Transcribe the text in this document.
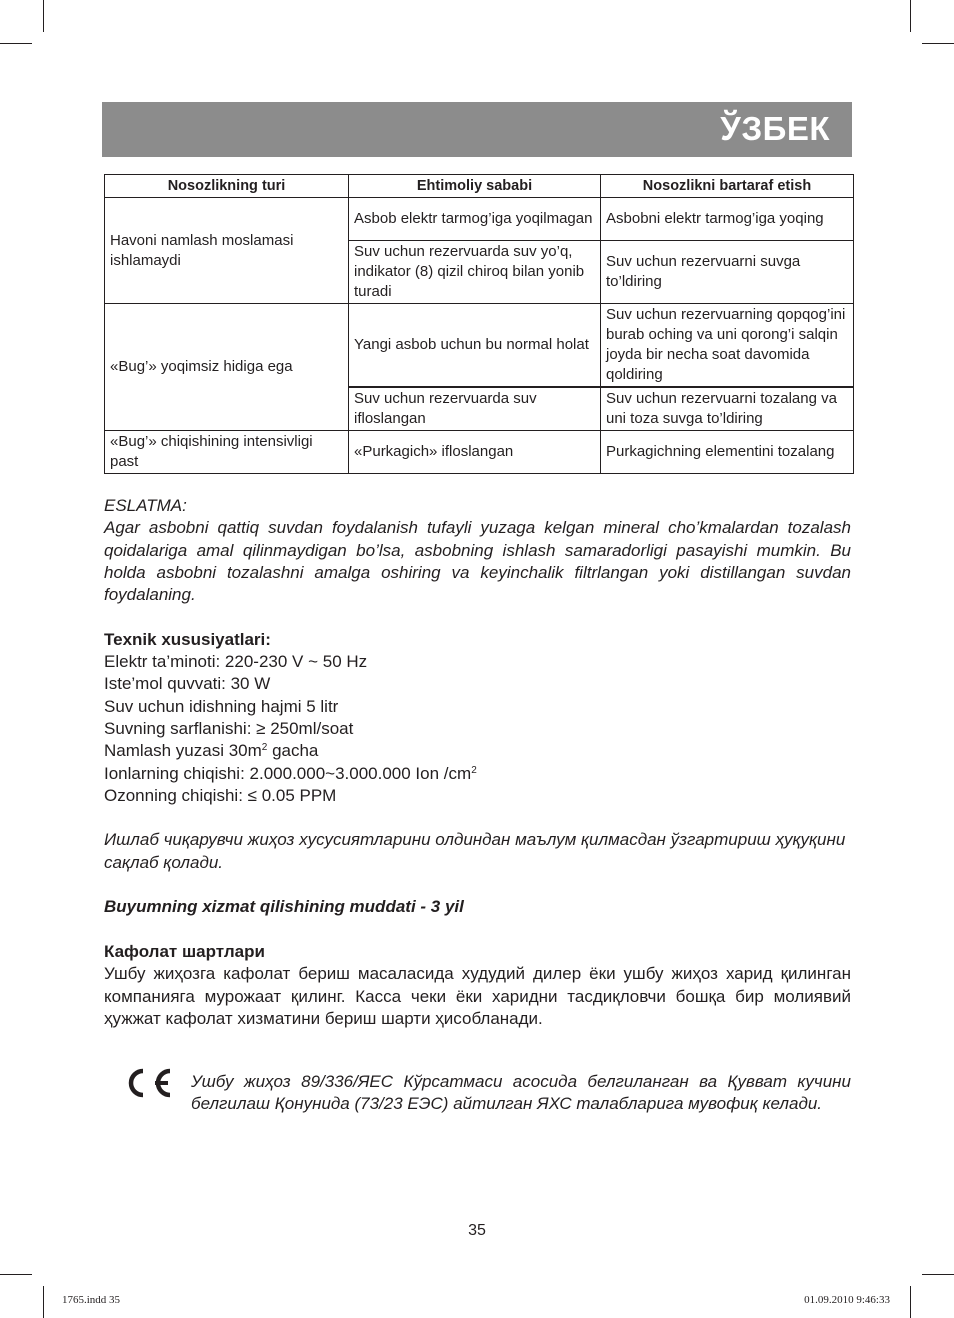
ЎЗБЕК
Nosozlikning turi	Ehtimoliy sababi	Nosozlikni bartaraf etish
Havoni namlash moslamasi ishlamaydi	Asbob elektr tarmog’iga yoqilmagan	Asbobni elektr tarmog’iga yoqing
	Suv uchun rezervuarda suv yo’q, indikator (8) qizil chiroq bilan yonib turadi	Suv uchun rezervuarni suvga to’ldiring
«Bug’» yoqimsiz hidiga ega	Yangi asbob uchun bu normal holat	Suv uchun rezervuarning qopqog’ini burab oching va uni qorong’i salqin joyda bir necha soat davomida qoldiring
	Suv uchun rezervuarda suv ifloslangan	Suv uchun rezervuarni tozalang va uni toza suvga to’ldiring
«Bug’» chiqishining intensivligi past	«Purkagich» ifloslangan	Purkagichning elementini tozalang

ESLATMA:

Agar asbobni qattiq suvdan foydalanish tufayli yuzaga kelgan mineral cho’kmalardan tozalash qoidalariga amal qilinmaydigan bo’lsa, asbobning ishlash samaradorligi pasayishi mumkin. Bu holda asbobni tozalashni amalga oshiring va keyinchalik filtrlangan yoki distillangan suvdan foydalaning.

Texnik xususiyatlari:

Elektr ta’minoti: 220-230 V ~ 50 Hz

Iste’mol quvvati: 30 W

Suv uchun idishning hajmi 5 litr

Suvning sarflanishi: ≥ 250ml/soat

Namlash yuzasi $30m^2$ gacha

Ionlarning chiqishi: 2.000.000~3.000.000 Ion $/cm^2$

Ozonning chiqishi: ≤ 0.05 PPM

Ишлаб чиқарувчи жиҳоз хусусиятларини олдиндан маълум қилмасдан ўзгартириш ҳуқуқини сақлаб қолади.

Buyumning xizmat qilishining muddati - 3 yil

Кафолат шартлари

Ушбу жиҳозга кафолат бериш масаласида худудий дилер ёки ушбу жиҳоз харид қилинган компанияга мурожаат қилинг. Касса чеки ёки харидни тасдиқловчи бошқа бир молиявий ҳужжат кафолат хизматини бериш шарти ҳисобланади.

Ушбу жиҳоз 89/336/ЯЕС Кўрсатмаси асосида белгиланган ва Қувват кучини белгилаш Қонунида (73/23 ЕЭС) айтилган ЯХС талабларига мувофиқ келади.

35
1765.indd 35	01.09.2010 9:46:33
